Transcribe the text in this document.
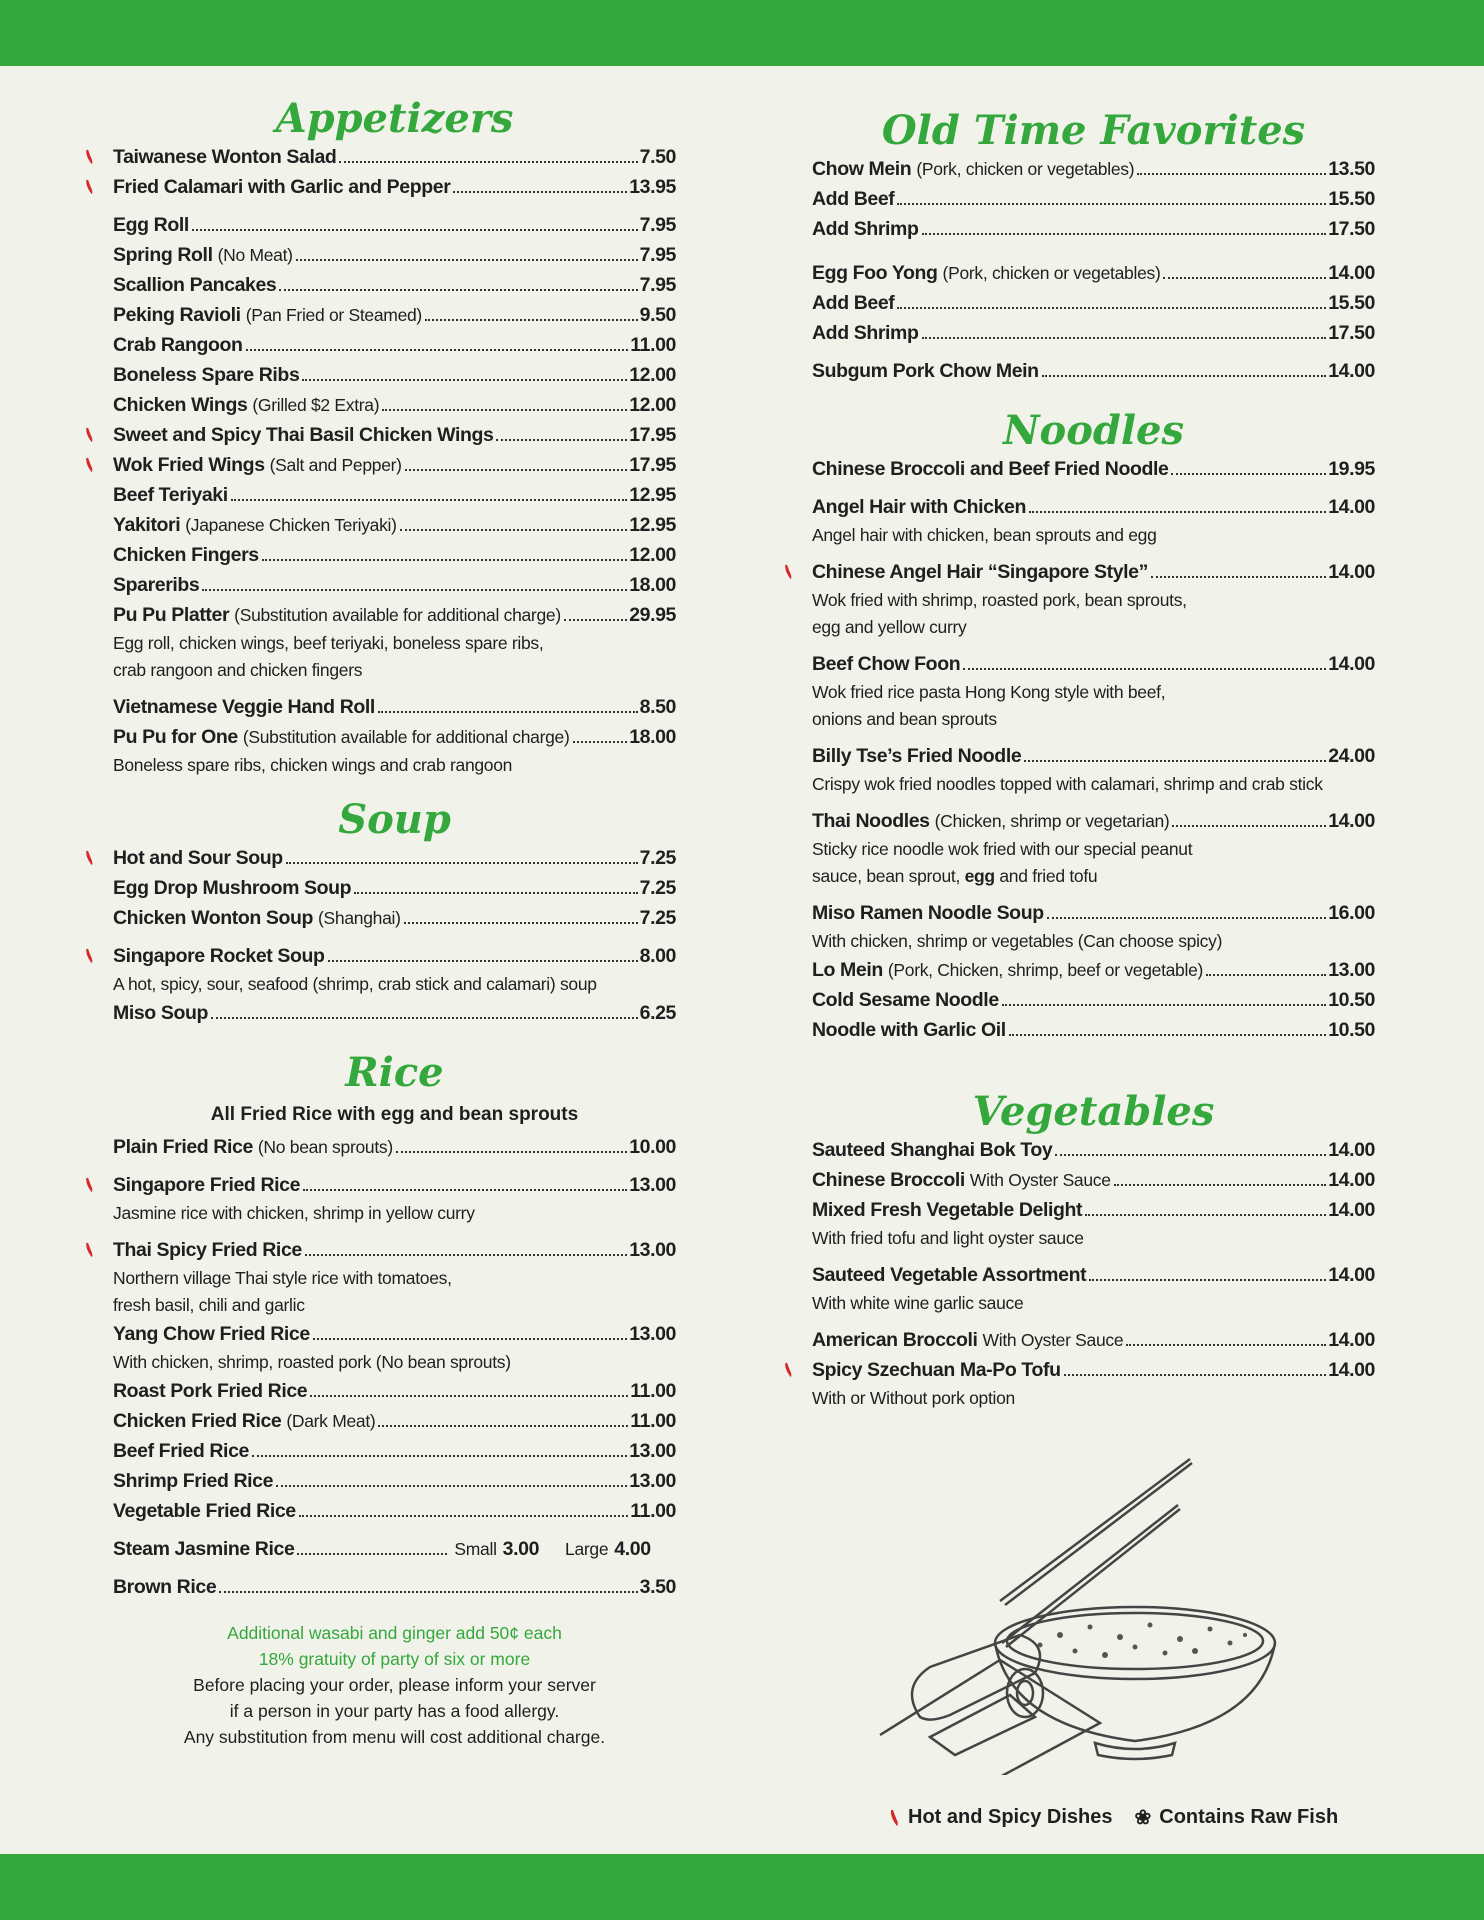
Appetizers
Taiwanese Wonton Salad	7.50
Fried Calamari with Garlic and Pepper	13.95
Egg Roll	7.95
Spring Roll (No Meat)	7.95
Scallion Pancakes	7.95
Peking Ravioli (Pan Fried or Steamed)	9.50
Crab Rangoon	11.00
Boneless Spare Ribs	12.00
Chicken Wings (Grilled $2 Extra)	12.00
Sweet and Spicy Thai Basil Chicken Wings	17.95
Wok Fried Wings (Salt and Pepper)	17.95
Beef Teriyaki	12.95
Yakitori (Japanese Chicken Teriyaki)	12.95
Chicken Fingers	12.00
Spareribs	18.00
Pu Pu Platter (Substitution available for additional charge)	29.95
Egg roll, chicken wings, beef teriyaki, boneless spare ribs,
crab rangoon and chicken fingers
Vietnamese Veggie Hand Roll	8.50
Pu Pu for One (Substitution available for additional charge)	18.00
Boneless spare ribs, chicken wings and crab rangoon
Soup
Hot and Sour Soup	7.25
Egg Drop Mushroom Soup	7.25
Chicken Wonton Soup (Shanghai)	7.25
Singapore Rocket Soup	8.00
A hot, spicy, sour, seafood (shrimp, crab stick and calamari) soup
Miso Soup	6.25
Rice
All Fried Rice with egg and bean sprouts
Plain Fried Rice (No bean sprouts)	10.00
Singapore Fried Rice	13.00
Jasmine rice with chicken, shrimp in yellow curry
Thai Spicy Fried Rice	13.00
Northern village Thai style rice with tomatoes,
fresh basil, chili and garlic
Yang Chow Fried Rice	13.00
With chicken, shrimp, roasted pork (No bean sprouts)
Roast Pork Fried Rice	11.00
Chicken Fried Rice (Dark Meat)	11.00
Beef Fried Rice	13.00
Shrimp Fried Rice	13.00
Vegetable Fried Rice	11.00
Steam Jasmine Rice	Small 3.00 Large 4.00
Brown Rice	3.50
Additional wasabi and ginger add 50¢ each
18% gratuity of party of six or more
Before placing your order, please inform your server
if a person in your party has a food allergy.
Any substitution from menu will cost additional charge.
Old Time Favorites
Chow Mein (Pork, chicken or vegetables)	13.50
Add Beef	15.50
Add Shrimp	17.50
Egg Foo Yong (Pork, chicken or vegetables)	14.00
Add Beef	15.50
Add Shrimp	17.50
Subgum Pork Chow Mein	14.00
Noodles
Chinese Broccoli and Beef Fried Noodle	19.95
Angel Hair with Chicken	14.00
Angel hair with chicken, bean sprouts and egg
Chinese Angel Hair “Singapore Style”	14.00
Wok fried with shrimp, roasted pork, bean sprouts,
egg and yellow curry
Beef Chow Foon	14.00
Wok fried rice pasta Hong Kong style with beef,
onions and bean sprouts
Billy Tse’s Fried Noodle	24.00
Crispy wok fried noodles topped with calamari, shrimp and crab stick
Thai Noodles (Chicken, shrimp or vegetarian)	14.00
Sticky rice noodle wok fried with our special peanut
sauce, bean sprout, egg and fried tofu
Miso Ramen Noodle Soup	16.00
With chicken, shrimp or vegetables (Can choose spicy)
Lo Mein (Pork, Chicken, shrimp, beef or vegetable)	13.00
Cold Sesame Noodle	10.50
Noodle with Garlic Oil	10.50
Vegetables
Sauteed Shanghai Bok Toy	14.00
Chinese Broccoli With Oyster Sauce	14.00
Mixed Fresh Vegetable Delight	14.00
With fried tofu and light oyster sauce
Sauteed Vegetable Assortment	14.00
With white wine garlic sauce
American Broccoli With Oyster Sauce	14.00
Spicy Szechuan Ma-Po Tofu	14.00
With or Without pork option
Hot and Spicy Dishes ❀ Contains Raw Fish
